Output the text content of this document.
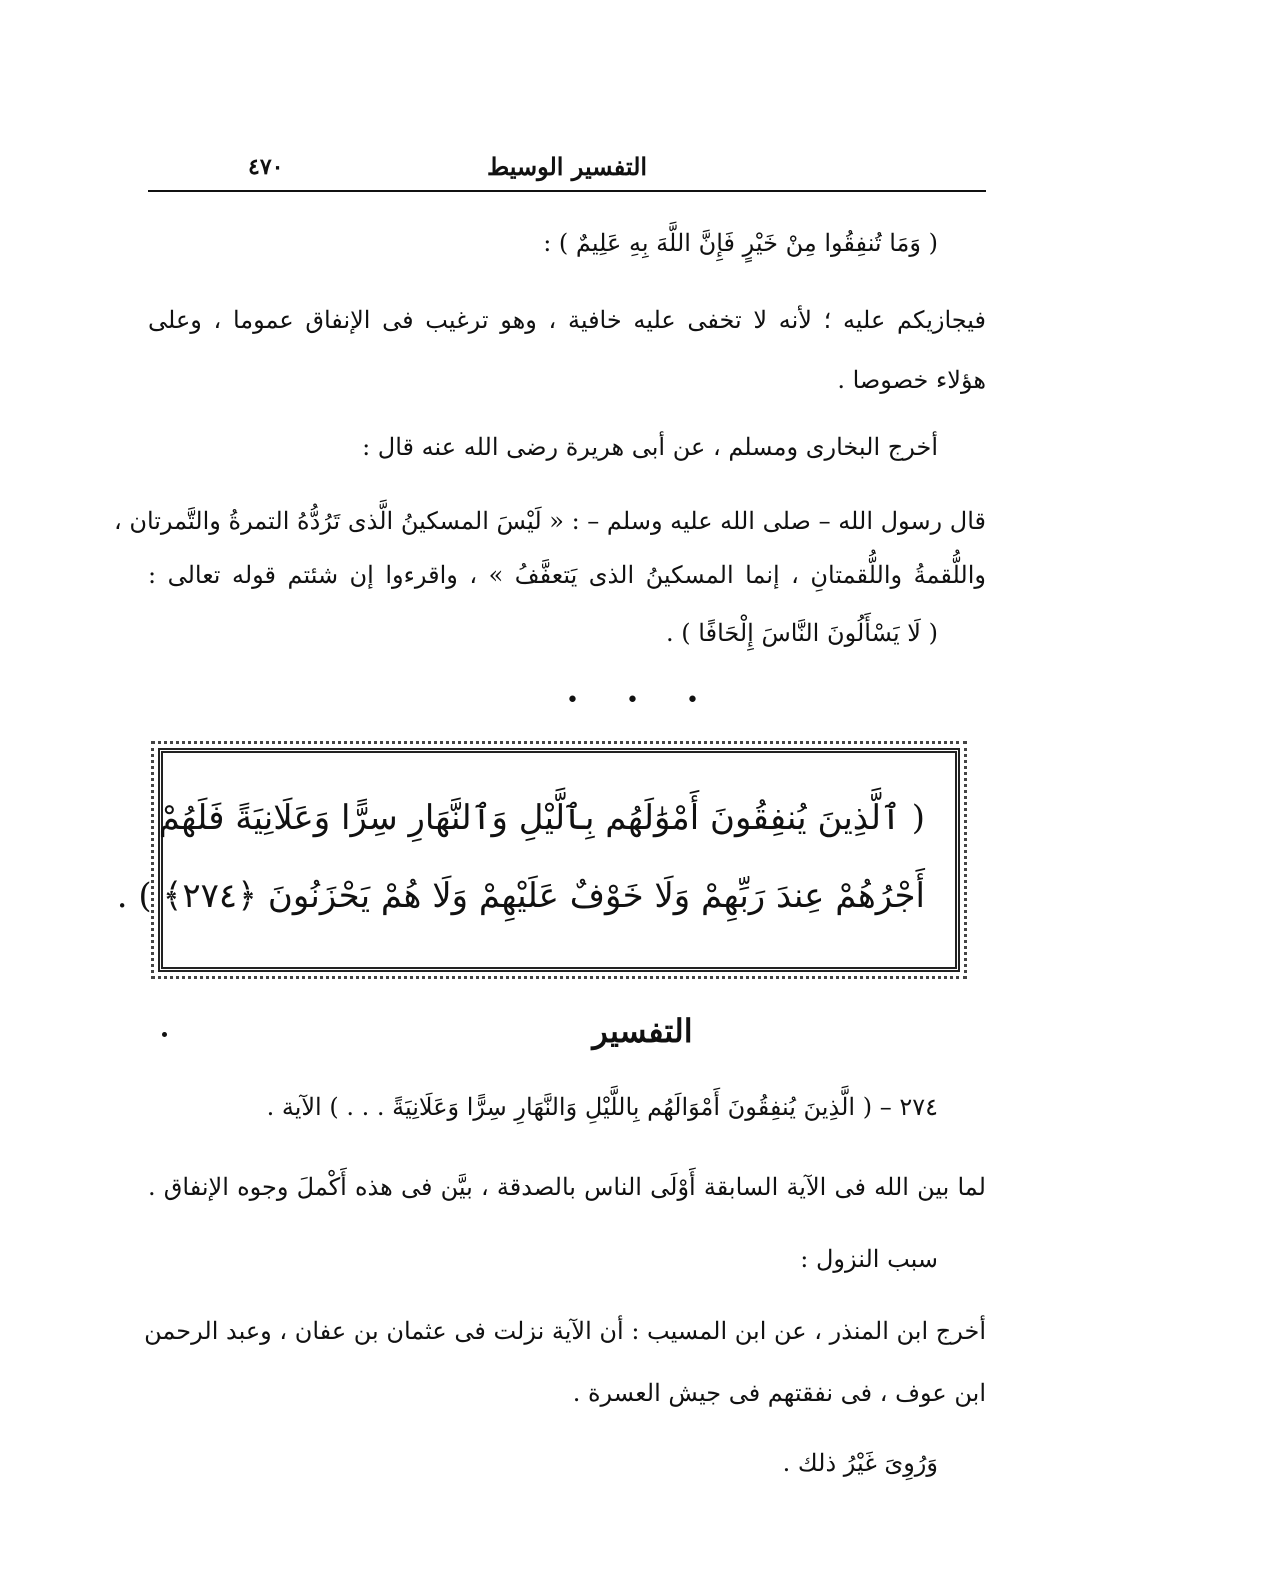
التفسير الوسيط
٤٧٠
( وَمَا تُنفِقُوا مِنْ خَيْرٍ فَإِنَّ اللَّهَ بِهِ عَلِيمٌ ) :
فيجازيكم عليه ؛ لأنه لا تخفى عليه خافية ، وهو ترغيب فى الإنفاق عموما ، وعلى
هؤلاء خصوصا .
أخرج البخارى ومسلم ، عن أبى هريرة رضى الله عنه قال :
قال رسول الله – صلى الله عليه وسلم – : « لَيْسَ المسكينُ الَّذى تَرُدُّهُ التمرةُ والتَّمرتان ،
واللُّقمةُ واللُّقمتانِ ، إنما المسكينُ الذى يَتعفَّفُ » ، واقرءوا إن شئتم قوله تعالى :
( لَا يَسْأَلُونَ النَّاسَ إِلْحَافًا ) .
• • •
( ٱلَّذِينَ يُنفِقُونَ أَمْوَٰلَهُم بِٱلَّيْلِ وَٱلنَّهَارِ سِرًّا وَعَلَانِيَةً فَلَهُمْ
أَجْرُهُمْ عِندَ رَبِّهِمْ وَلَا خَوْفٌ عَلَيْهِمْ وَلَا هُمْ يَحْزَنُونَ ﴿٢٧٤﴾ ) .
التفسير
٢٧٤ – ( الَّذِينَ يُنفِقُونَ أَمْوَالَهُم بِاللَّيْلِ وَالنَّهَارِ سِرًّا وَعَلَانِيَةً . . . ) الآية .
لما بين الله فى الآية السابقة أَوْلَى الناس بالصدقة ، بيَّن فى هذه أَكْملَ وجوه الإنفاق .
سبب النزول :
أخرج ابن المنذر ، عن ابن المسيب : أن الآية نزلت فى عثمان بن عفان ، وعبد الرحمن
ابن عوف ، فى نفقتهم فى جيش العسرة .
وَرُوِىَ غَيْرُ ذلك .
